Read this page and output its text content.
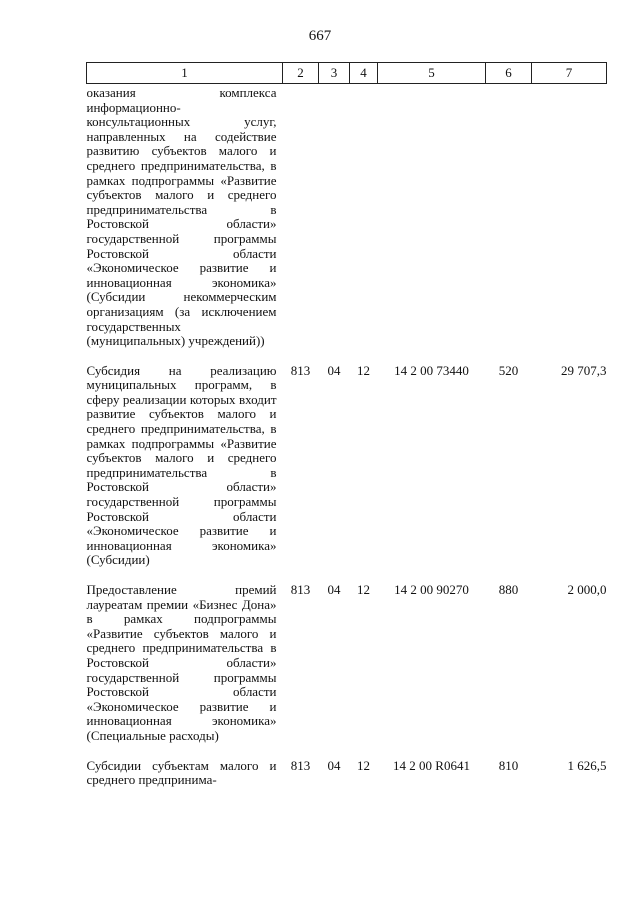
667
1	2	3	4	5	6	7
оказания комплекса информационно-консультационных услуг, направленных на содействие развитию субъектов малого и среднего предпринимательства, в рамках подпрограммы «Развитие субъектов малого и среднего предпринимательства в Ростовской области» государственной программы Ростовской области «Экономическое развитие и инновационная экономика» (Субсидии некоммерческим организациям (за исключением государственных (муниципальных) учреждений))						
Субсидия на реализацию муниципальных программ, в сферу реализации которых входит развитие субъектов малого и среднего предпринимательства, в рамках подпрограммы «Развитие субъектов малого и среднего предпринимательства в Ростовской области» государственной программы Ростовской области «Экономическое развитие и инновационная экономика» (Субсидии)	813	04	12	14 2 00 73440	520	29 707,3
Предоставление премий лауреатам премии «Бизнес Дона» в рамках подпрограммы «Развитие субъектов малого и среднего предпринимательства в Ростовской области» государственной программы Ростовской области «Экономическое развитие и инновационная экономика» (Специальные расходы)	813	04	12	14 2 00 90270	880	2 000,0
Субсидии субъектам малого и среднего предпринима-	813	04	12	14 2 00 R0641	810	1 626,5
